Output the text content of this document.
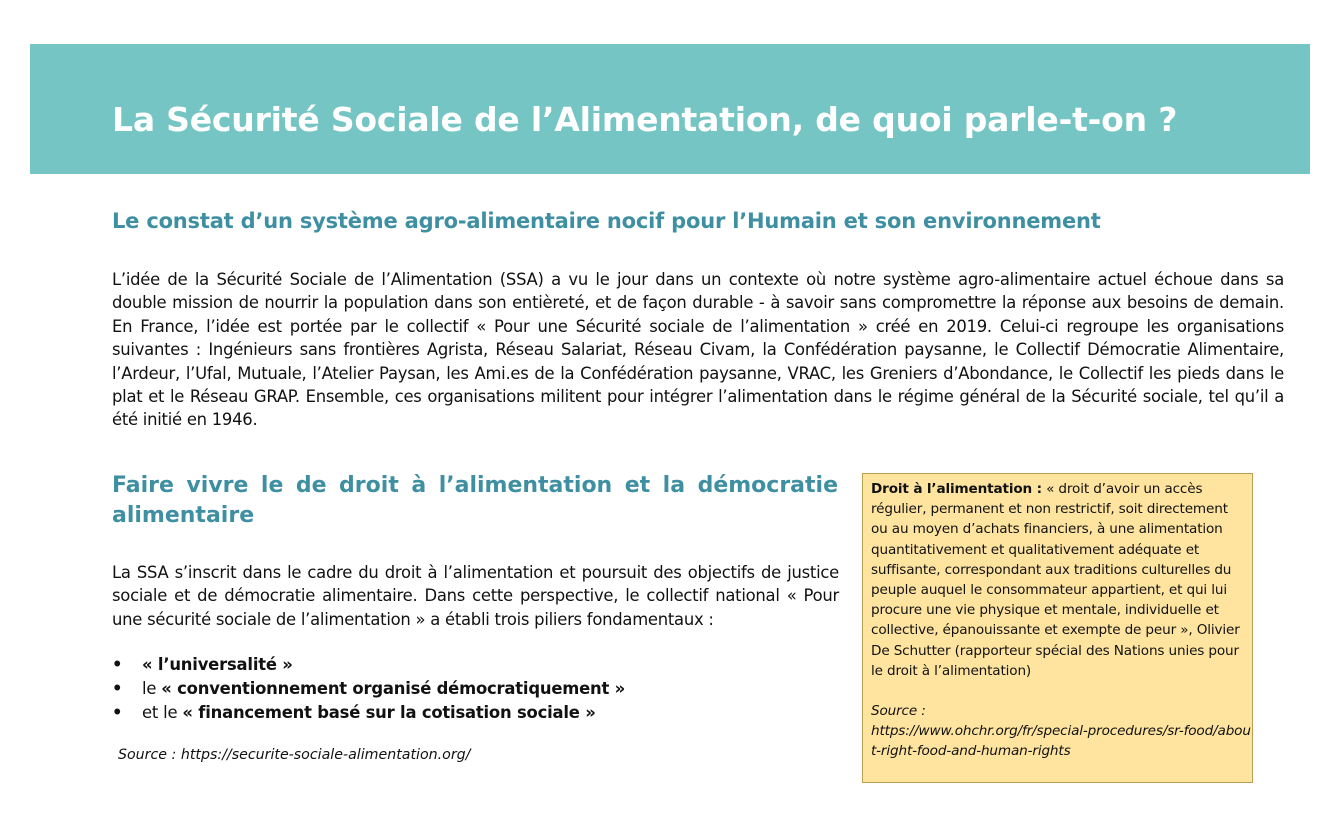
La Sécurité Sociale de l’Alimentation, de quoi parle-t-on ?
Le constat d’un système agro-alimentaire nocif pour l’Humain et son environnement

L’idée de la Sécurité Sociale de l’Alimentation (SSA) a vu le jour dans un contexte où notre système agro-alimentaire actuel échoue dans sa double mission de nourrir la population dans son entièreté, et de façon durable - à savoir sans compromettre la réponse aux besoins de demain. En France, l’idée est portée par le collectif « Pour une Sécurité sociale de l’alimentation » créé en 2019. Celui-ci regroupe les organisations suivantes : Ingénieurs sans frontières Agrista, Réseau Salariat, Réseau Civam, la Confédération paysanne, le Collectif Démocratie Alimentaire, l’Ardeur, l’Ufal, Mutuale, l’Atelier Paysan, les Ami.es de la Confédération paysanne, VRAC, les Greniers d’Abondance, le Collectif les pieds dans le plat et le Réseau GRAP. Ensemble, ces organisations militent pour intégrer l’alimentation dans le régime général de la Sécurité sociale, tel qu’il a été initié en 1946.

Faire vivre le de droit à l’alimentation et la démocratie alimentaire

La SSA s’inscrit dans le cadre du droit à l’alimentation et poursuit des objectifs de justice sociale et de démocratie alimentaire. Dans cette perspective, le collectif national « Pour une sécurité sociale de l’alimentation » a établi trois piliers fondamentaux :

• « l’universalité »
• le « conventionnement organisé démocratiquement »
• et le « financement basé sur la cotisation sociale »

Source : https://securite-sociale-alimentation.org/

Droit à l’alimentation : « droit d’avoir un accès régulier, permanent et non restrictif, soit directement ou au moyen d’achats financiers, à une alimentation quantitativement et qualitativement adéquate et suffisante, correspondant aux traditions culturelles du peuple auquel le consommateur appartient, et qui lui procure une vie physique et mentale, individuelle et collective, épanouissante et exempte de peur », Olivier De Schutter (rapporteur spécial des Nations unies pour le droit à l’alimentation)

Source :

https://www.ohchr.org/fr/special-procedures/sr-food/about-right-food-and-human-rights
